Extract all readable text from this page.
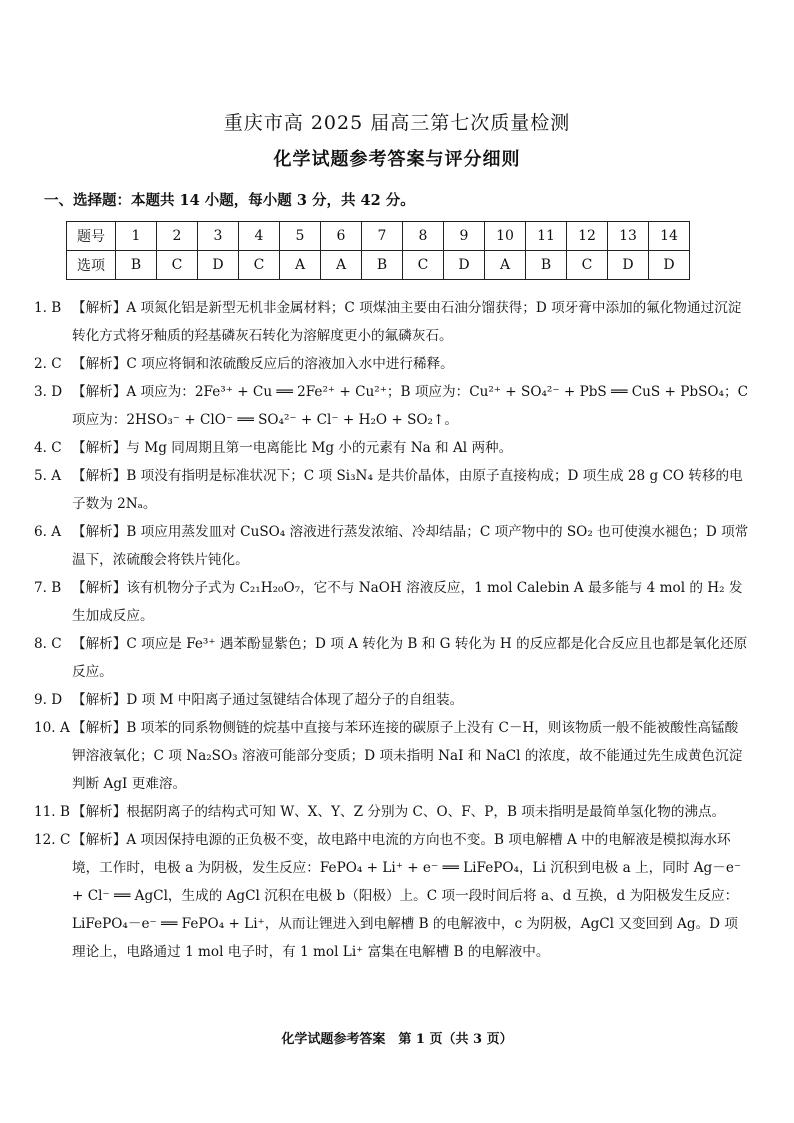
重庆市高 2025 届高三第七次质量检测
化学试题参考答案与评分细则
一、选择题：本题共 14 小题，每小题 3 分，共 42 分。
题号	1	2	3	4	5	6	7	8	9	10	11	12	13	14
选项	B	C	D	C	A	A	B	C	D	A	B	C	D	D
1. B 【解析】A 项氮化铝是新型无机非金属材料；C 项煤油主要由石油分馏获得；D 项牙膏中添加的氟化物通过沉淀转化方式将牙釉质的羟基磷灰石转化为溶解度更小的氟磷灰石。
2. C 【解析】C 项应将铜和浓硫酸反应后的溶液加入水中进行稀释。
3. D 【解析】A 项应为：2Fe³⁺ + Cu ══ 2Fe²⁺ + Cu²⁺；B 项应为：Cu²⁺ + SO₄²⁻ + PbS ══ CuS + PbSO₄；C 项应为：2HSO₃⁻ + ClO⁻ ══ SO₄²⁻ + Cl⁻ + H₂O + SO₂↑。
4. C 【解析】与 Mg 同周期且第一电离能比 Mg 小的元素有 Na 和 Al 两种。
5. A 【解析】B 项没有指明是标准状况下；C 项 Si₃N₄ 是共价晶体，由原子直接构成；D 项生成 28 g CO 转移的电子数为 2Nₐ。
6. A 【解析】B 项应用蒸发皿对 CuSO₄ 溶液进行蒸发浓缩、冷却结晶；C 项产物中的 SO₂ 也可使溴水褪色；D 项常温下，浓硫酸会将铁片钝化。
7. B 【解析】该有机物分子式为 C₂₁H₂₀O₇，它不与 NaOH 溶液反应，1 mol Calebin A 最多能与 4 mol 的 H₂ 发生加成反应。
8. C 【解析】C 项应是 Fe³⁺ 遇苯酚显紫色；D 项 A 转化为 B 和 G 转化为 H 的反应都是化合反应且也都是氧化还原反应。
9. D 【解析】D 项 M 中阳离子通过氢键结合体现了超分子的自组装。
10. A 【解析】B 项苯的同系物侧链的烷基中直接与苯环连接的碳原子上没有 C－H，则该物质一般不能被酸性高锰酸钾溶液氧化；C 项 Na₂SO₃ 溶液可能部分变质；D 项未指明 NaI 和 NaCl 的浓度，故不能通过先生成黄色沉淀判断 AgI 更难溶。
11. B 【解析】根据阴离子的结构式可知 W、X、Y、Z 分别为 C、O、F、P，B 项未指明是最简单氢化物的沸点。
12. C 【解析】A 项因保持电源的正负极不变，故电路中电流的方向也不变。B 项电解槽 A 中的电解液是模拟海水环境，工作时，电极 a 为阴极，发生反应：FePO₄ + Li⁺ + e⁻ ══ LiFePO₄，Li 沉积到电极 a 上，同时 Ag－e⁻ + Cl⁻ ══ AgCl，生成的 AgCl 沉积在电极 b（阳极）上。C 项一段时间后将 a、d 互换，d 为阳极发生反应：LiFePO₄－e⁻ ══ FePO₄ + Li⁺，从而让锂进入到电解槽 B 的电解液中，c 为阴极，AgCl 又变回到 Ag。D 项理论上，电路通过 1 mol 电子时，有 1 mol Li⁺ 富集在电解槽 B 的电解液中。
化学试题参考答案　第 1 页（共 3 页）
